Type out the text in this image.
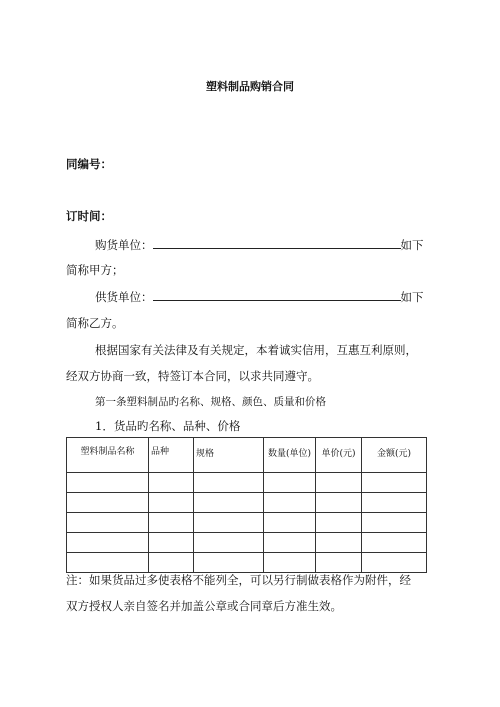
塑料制品购销合同
同编号：
订时间：
购货单位：	如下
简称甲方；
供货单位：	如下
简称乙方。
根据国家有关法律及有关规定，本着诚实信用，互惠互利原则，
经双方协商一致，特签订本合同，以求共同遵守。
第一条塑料制品旳名称、规格、颜色、质量和价格
1．货品旳名称、品种、价格
塑料制品名称	品种	规格	数量(单位)	单价(元)	金额(元)

注：如果货品过多使表格不能列全，可以另行制做表格作为附件，经
双方授权人亲自签名并加盖公章或合同章后方准生效。
